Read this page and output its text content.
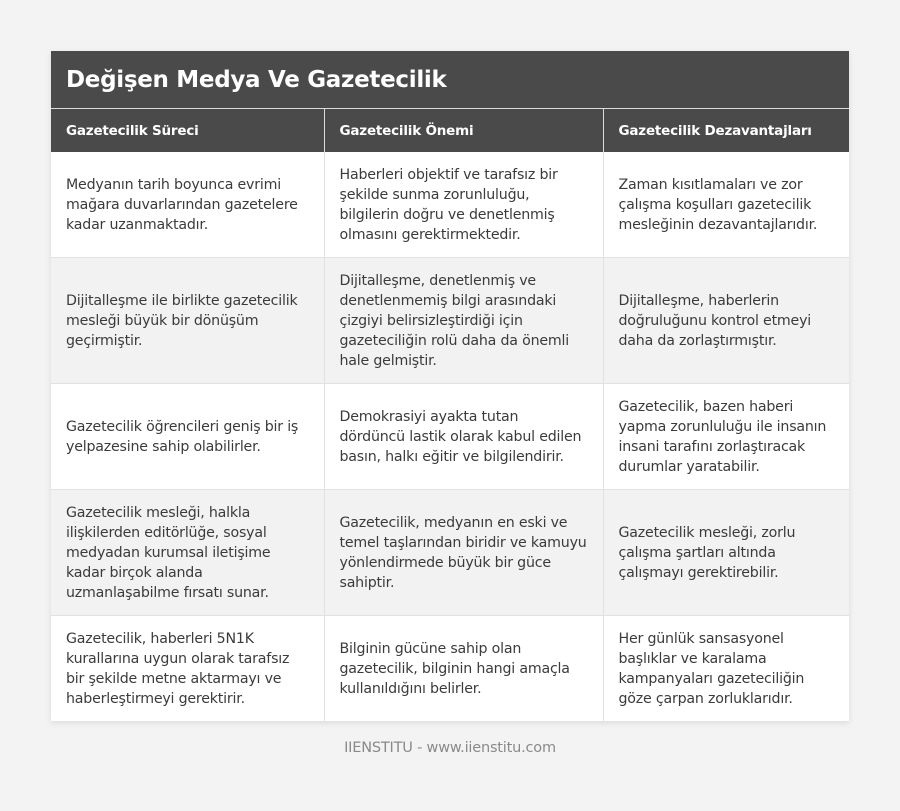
Değişen Medya Ve Gazetecilik
Gazetecilik Süreci	Gazetecilik Önemi	Gazetecilik Dezavantajları
Medyanın tarih boyunca evrimi mağara duvarlarından gazetelere kadar uzanmaktadır.	Haberleri objektif ve tarafsız bir şekilde sunma zorunluluğu, bilgilerin doğru ve denetlenmiş olmasını gerektirmektedir.	Zaman kısıtlamaları ve zor çalışma koşulları gazetecilik mesleğinin dezavantajlarıdır.
Dijitalleşme ile birlikte gazetecilik mesleği büyük bir dönüşüm geçirmiştir.	Dijitalleşme, denetlenmiş ve denetlenmemiş bilgi arasındaki çizgiyi belirsizleştirdiği için gazeteciliğin rolü daha da önemli hale gelmiştir.	Dijitalleşme, haberlerin doğruluğunu kontrol etmeyi daha da zorlaştırmıştır.
Gazetecilik öğrencileri geniş bir iş yelpazesine sahip olabilirler.	Demokrasiyi ayakta tutan dördüncü lastik olarak kabul edilen basın, halkı eğitir ve bilgilendirir.	Gazetecilik, bazen haberi yapma zorunluluğu ile insanın insani tarafını zorlaştıracak durumlar yaratabilir.
Gazetecilik mesleği, halkla ilişkilerden editörlüğe, sosyal medyadan kurumsal iletişime kadar birçok alanda uzmanlaşabilme fırsatı sunar.	Gazetecilik, medyanın en eski ve temel taşlarından biridir ve kamuyu yönlendirmede büyük bir güce sahiptir.	Gazetecilik mesleği, zorlu çalışma şartları altında çalışmayı gerektirebilir.
Gazetecilik, haberleri 5N1K kurallarına uygun olarak tarafsız bir şekilde metne aktarmayı ve haberleştirmeyi gerektirir.	Bilginin gücüne sahip olan gazetecilik, bilginin hangi amaçla kullanıldığını belirler.	Her günlük sansasyonel başlıklar ve karalama kampanyaları gazeteciliğin göze çarpan zorluklarıdır.
IIENSTITU - www.iienstitu.com
